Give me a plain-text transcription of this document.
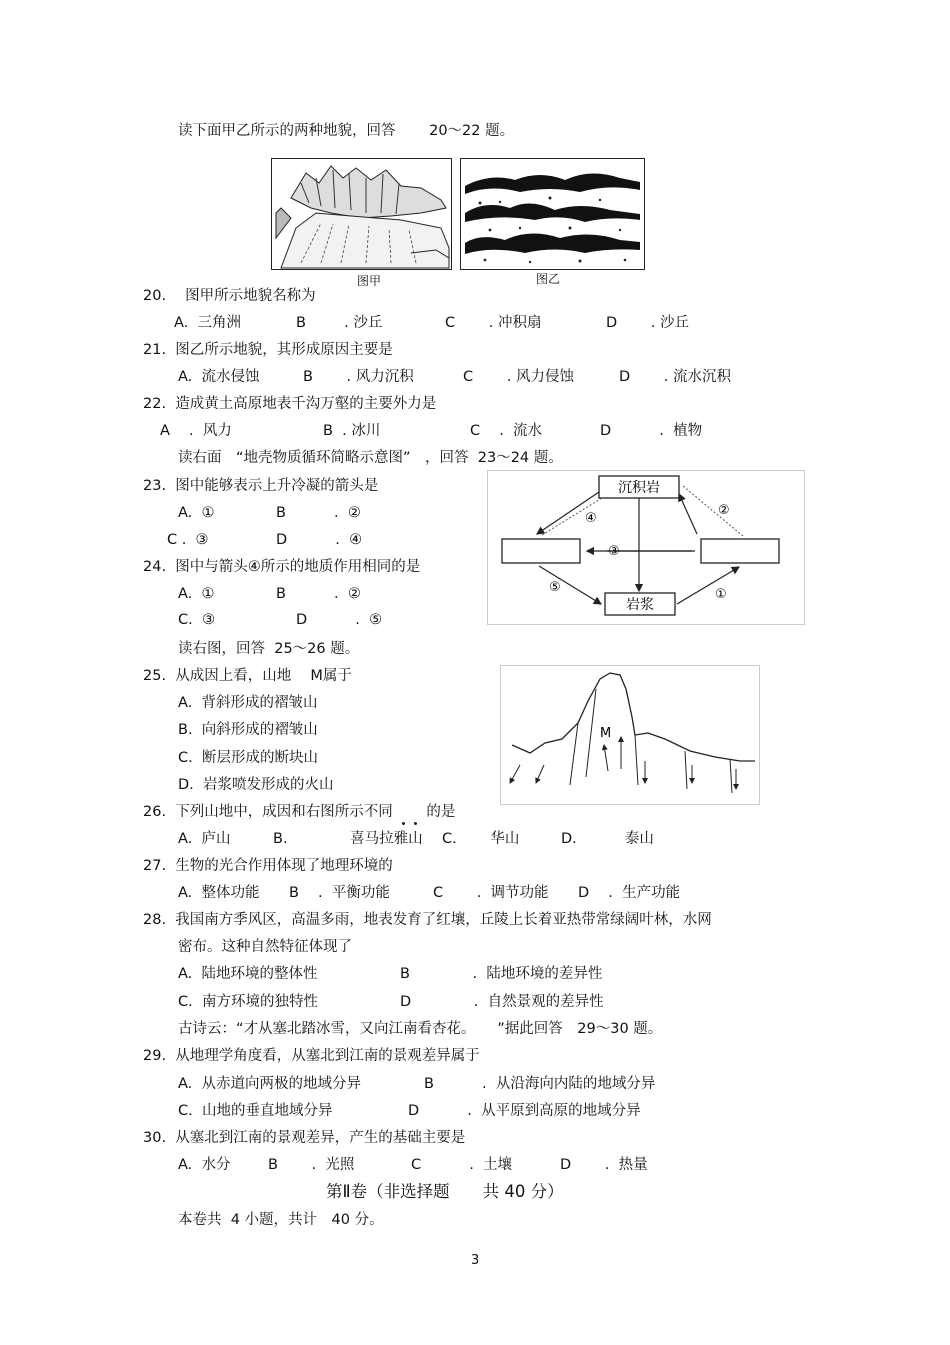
读下面甲乙所示的两种地貌，回答　　 20～22 题。
图甲	图乙
20.　 图甲所示地貌名称为
A.  三角洲	B　　  . 沙丘	C　　 . 冲积扇	D　　 . 沙丘
21.  图乙所示地貌，其形成原因主要是
A.  流水侵蚀	B　　 . 风力沉积	C　　 . 风力侵蚀	D　　 . 流水沉积
22.  造成黄土高原地表千沟万壑的主要外力是
A　 .  风力	B  . 冰川	C　 .  流水	D　　　 .  植物
读右面　“地壳物质循环简略示意图”　，回答  23～24 题。
23.  图中能够表示上升冷凝的箭头是
A.  ①	B　　　 .  ②
C .  ③	D　　　 .  ④
24.  图中与箭头④所示的地质作用相同的是
A.  ①	B　　　 .  ②
C.  ③	D　　　 .  ⑤
沉积岩
岩浆
②
④
③
⑤	①
读右图，回答  25～26 题。
M
25.  从成因上看，山地　 M属于
A.  背斜形成的褶皱山
B.  向斜形成的褶皱山
C.  断层形成的断块山
D.  岩浆喷发形成的火山
26.  下列山地中，成因和右图所示不同　　 的是
A.  庐山	B.　　　　 喜马拉雅山 C.　　 华山	D.　　　 泰山
27.  生物的光合作用体现了地理环境的
A.  整体功能 B　 .  平衡功能	C　　 .  调节功能 D　 .  生产功能
28.  我国南方季风区，高温多雨，地表发育了红壤，丘陵上长着亚热带常绿阔叶林，水网
密布。这种自然特征体现了
A.  陆地环境的整体性	B　　　　 .  陆地环境的差异性
C.  南方环境的独特性	D　　　　 .  自然景观的差异性
古诗云：“才从塞北踏冰雪，又向江南看杏花。　　”据此回答　29～30 题。
29.  从地理学角度看，从塞北到江南的景观差异属于
A.  从赤道向两极的地域分异	B　　　 .  从沿海向内陆的地域分异
C.  山地的垂直地域分异	D　　　 .  从平原到高原的地域分异
30.  从塞北到江南的景观差异，产生的基础主要是
A.  水分	B　　 .  光照	C　　　 .  土壤	D　　 .  热量
第Ⅱ卷（非选择题　　共 40 分）
本卷共  4 小题，共计　40 分。
3
